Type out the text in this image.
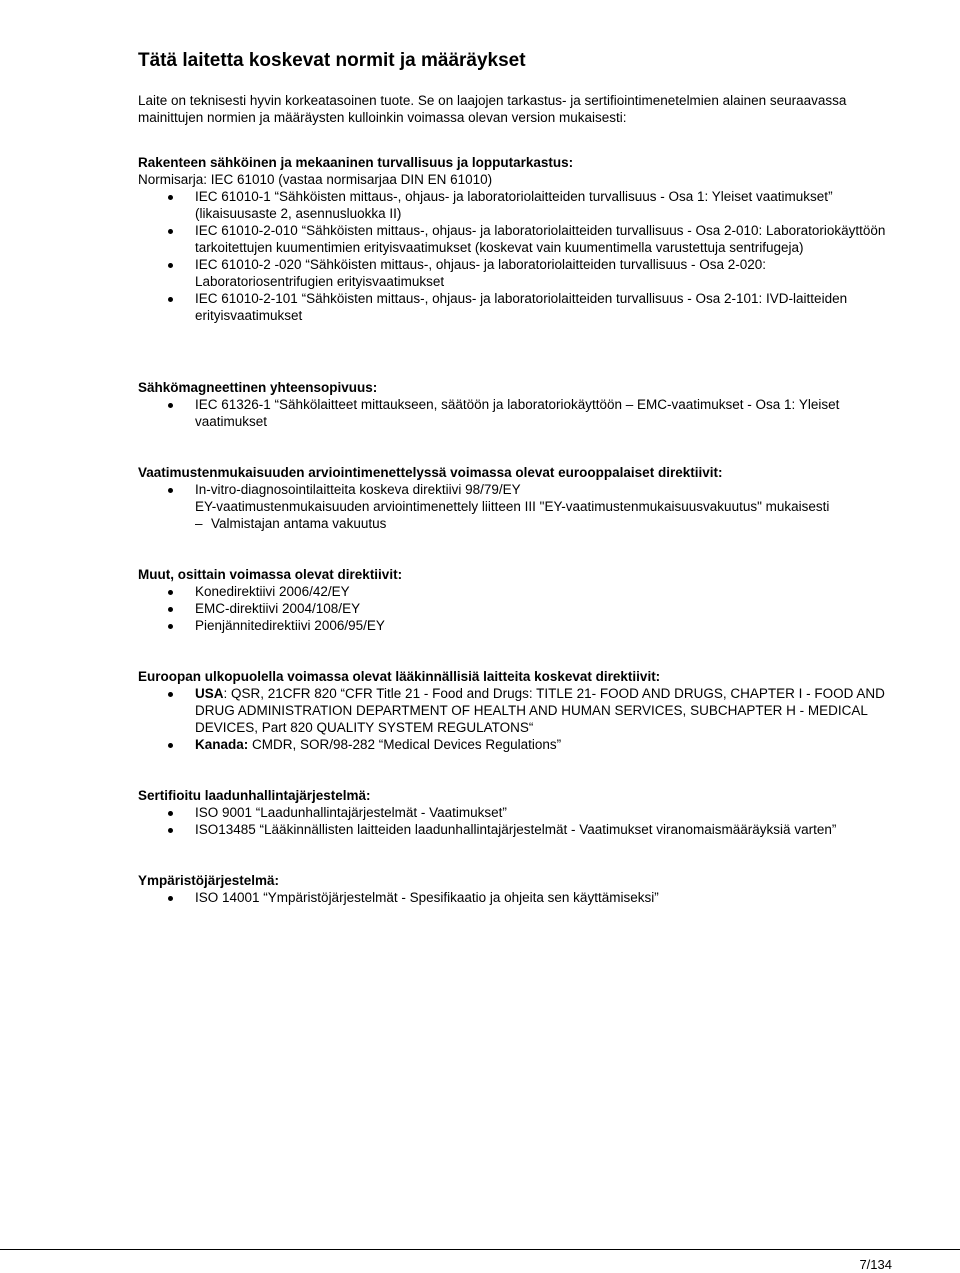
Tätä laitetta koskevat normit ja määräykset

Laite on teknisesti hyvin korkeatasoinen tuote. Se on laajojen tarkastus- ja sertifiointimenetelmien alainen seuraavassa mainittujen normien ja määräysten kulloinkin voimassa olevan version mukaisesti:

Rakenteen sähköinen ja mekaaninen turvallisuus ja lopputarkastus:

Normisarja: IEC 61010 (vastaa normisarjaa DIN EN 61010)

IEC 61010-1 “Sähköisten mittaus-, ohjaus- ja laboratoriolaitteiden turvallisuus - Osa 1: Yleiset vaatimukset” (likaisuusaste 2, asennusluokka II)
IEC 61010-2-010 “Sähköisten mittaus-, ohjaus- ja laboratoriolaitteiden turvallisuus - Osa 2-010: Laboratoriokäyttöön tarkoitettujen kuumentimien erityisvaatimukset (koskevat vain kuumentimella varustettuja sentrifugeja)
IEC 61010-2 -020 “Sähköisten mittaus-, ohjaus- ja laboratoriolaitteiden turvallisuus - Osa 2-020: Laboratoriosentrifugien erityisvaatimukset
IEC 61010-2-101 “Sähköisten mittaus-, ohjaus- ja laboratoriolaitteiden turvallisuus - Osa 2-101: IVD-laitteiden erityisvaatimukset

Sähkömagneettinen yhteensopivuus:

IEC 61326-1 “Sähkölaitteet mittaukseen, säätöön ja laboratoriokäyttöön – EMC-vaatimukset - Osa 1: Yleiset vaatimukset

Vaatimustenmukaisuuden arviointimenettelyssä voimassa olevat eurooppalaiset direktiivit:

In-vitro-diagnosointilaitteita koskeva direktiivi 98/79/EY

EY-vaatimustenmukaisuuden arviointimenettely liitteen III "EY-vaatimustenmukaisuusvakuutus" mukaisesti

– Valmistajan antama vakuutus

Muut, osittain voimassa olevat direktiivit:

Konedirektiivi 2006/42/EY
EMC-direktiivi 2004/108/EY
Pienjännitedirektiivi 2006/95/EY

Euroopan ulkopuolella voimassa olevat lääkinnällisiä laitteita koskevat direktiivit:

USA: QSR, 21CFR 820 “CFR Title 21 - Food and Drugs: TITLE 21- FOOD AND DRUGS, CHAPTER I - FOOD AND DRUG ADMINISTRATION DEPARTMENT OF HEALTH AND HUMAN SERVICES, SUBCHAPTER H - MEDICAL DEVICES, Part 820 QUALITY SYSTEM REGULATONS“
Kanada: CMDR, SOR/98-282 “Medical Devices Regulations”

Sertifioitu laadunhallintajärjestelmä:

ISO 9001 “Laadunhallintajärjestelmät - Vaatimukset”
ISO13485 “Lääkinnällisten laitteiden laadunhallintajärjestelmät - Vaatimukset viranomaismääräyksiä varten”

Ympäristöjärjestelmä:

ISO 14001 “Ympäristöjärjestelmät - Spesifikaatio ja ohjeita sen käyttämiseksi”
7/134
